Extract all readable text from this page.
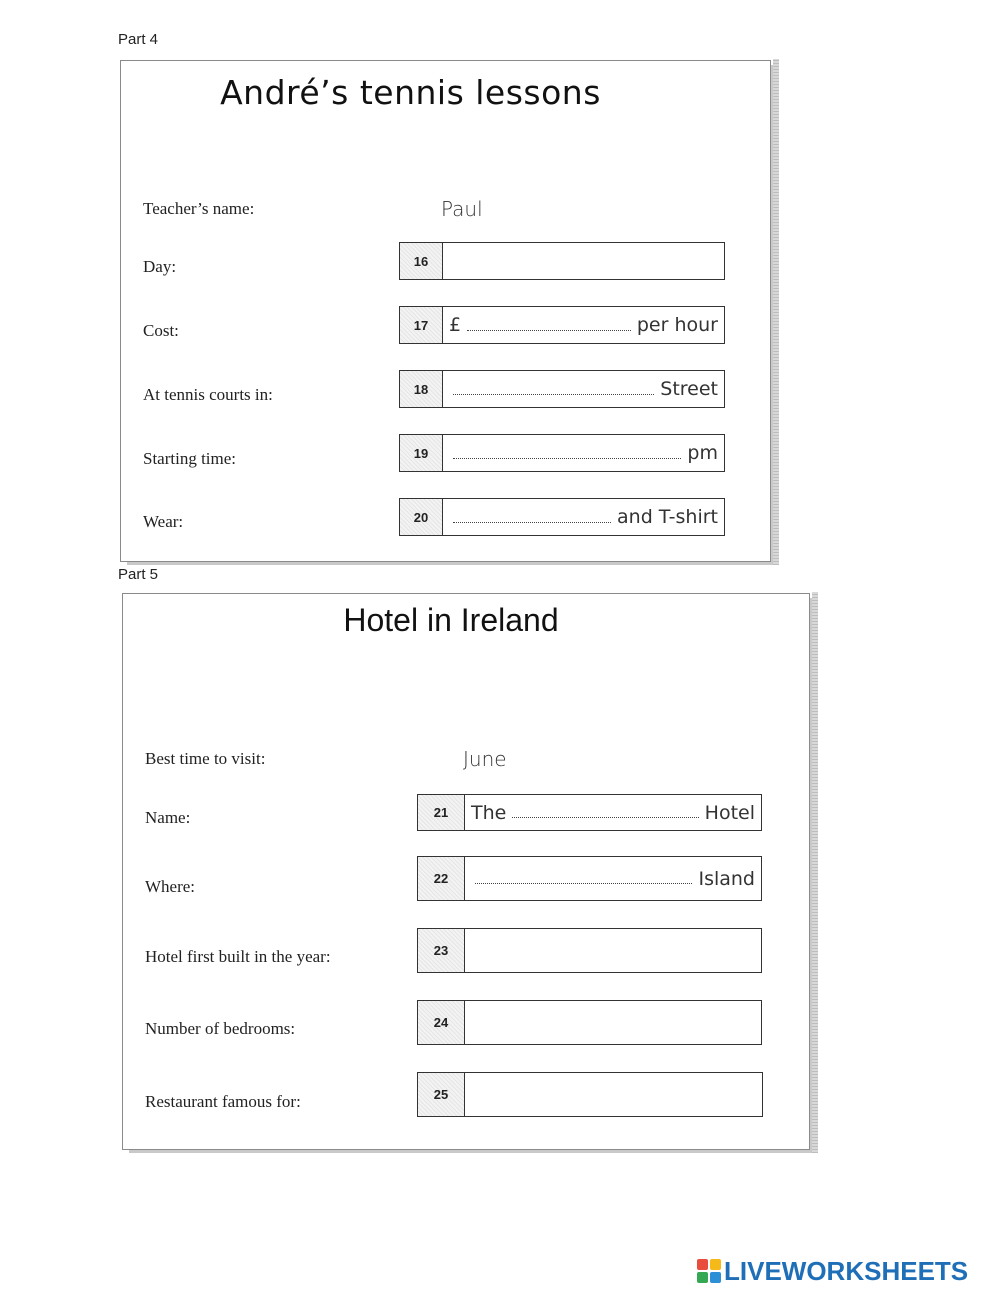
Part 4
André’s tennis lessons
Teacher’s name:	Paul
Day:	16
Cost:	17	£	per hour
At tennis courts in:	18	Street
Starting time:	19	pm
Wear:	20	and T-shirt
Part 5
Hotel in Ireland
Best time to visit:	June
Name:	21	The	Hotel
Where:	22	Island
Hotel first built in the year:	23
Number of bedrooms:	24
Restaurant famous for:	25
LIVEWORKSHEETS
